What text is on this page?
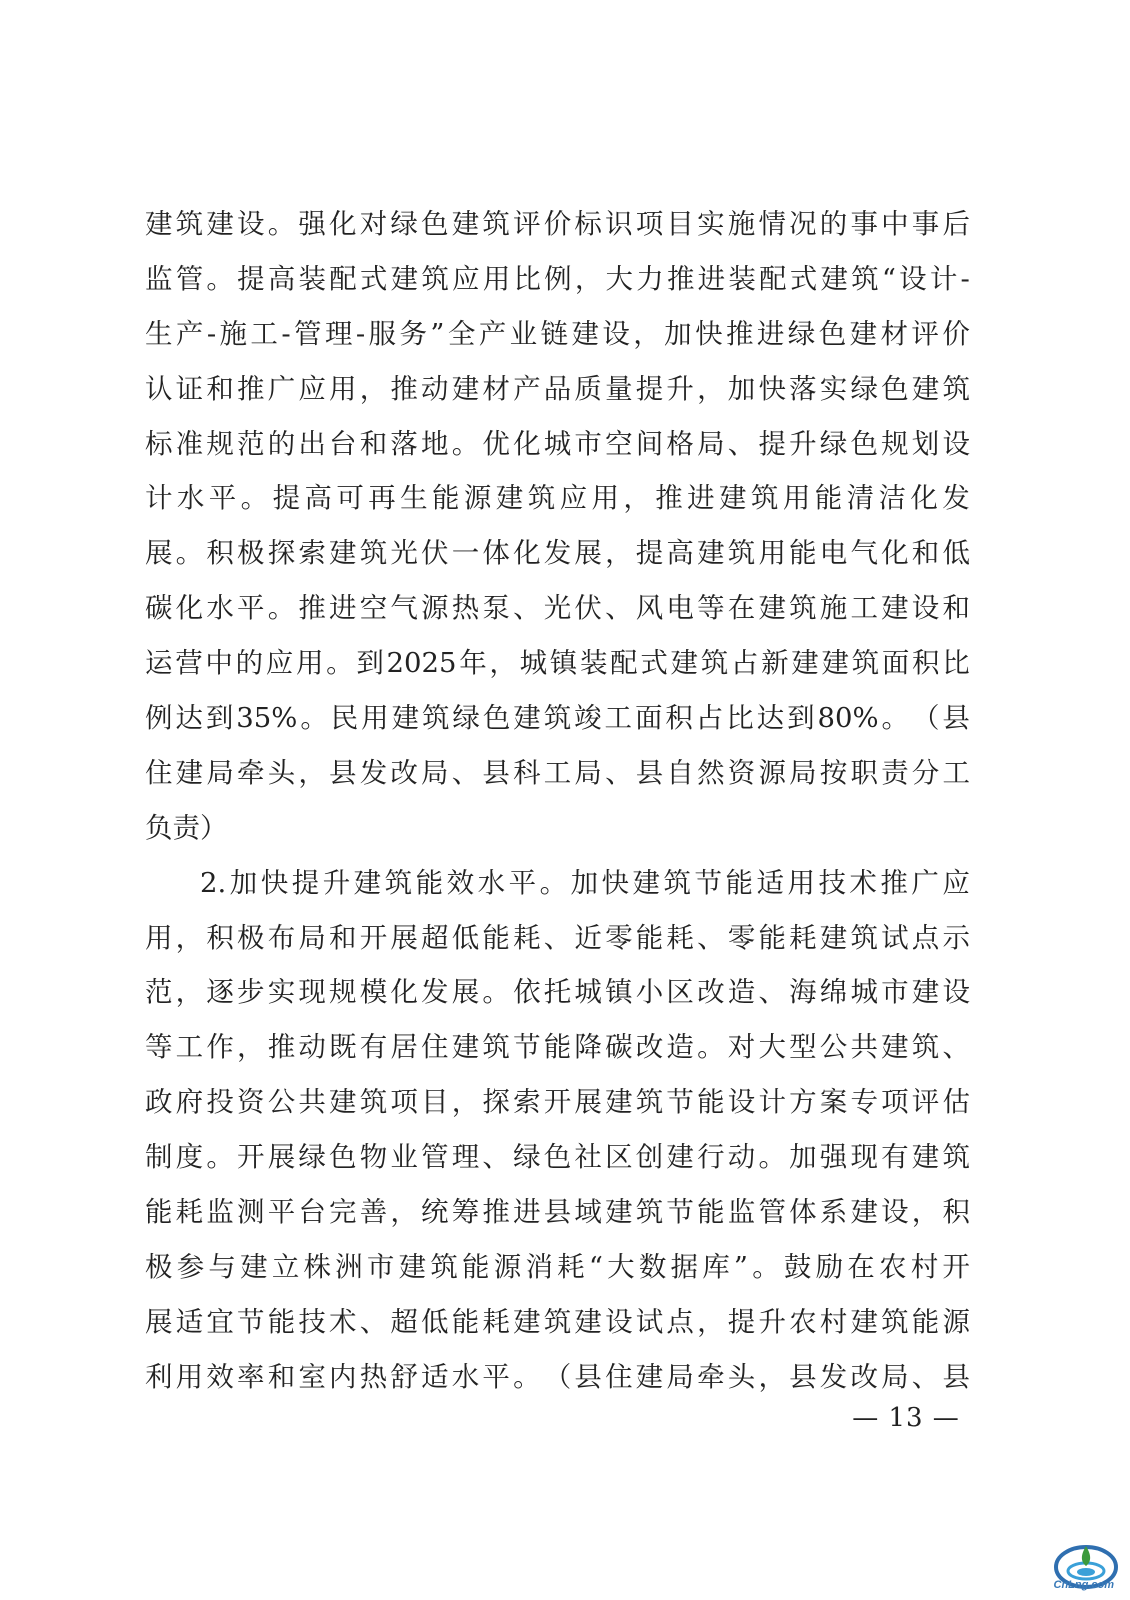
建 筑 建 设 。 强 化 对 绿 色 建 筑 评 价 标 识 项 目 实 施 情 况 的 事 中 事 后
监 管 。 提 高 装 配 式 建 筑 应 用 比 例 ， 大 力 推 进 装 配 式 建 筑 “ 设 计 -
生 产 - 施 工 - 管 理 - 服 务 ” 全 产 业 链 建 设 ， 加 快 推 进 绿 色 建 材 评 价
认 证 和 推 广 应 用 ， 推 动 建 材 产 品 质 量 提 升 ， 加 快 落 实 绿 色 建 筑
标 准 规 范 的 出 台 和 落 地 。 优 化 城 市 空 间 格 局 、 提 升 绿 色 规 划 设
计 水 平 。 提 高 可 再 生 能 源 建 筑 应 用 ， 推 进 建 筑 用 能 清 洁 化 发
展 。 积 极 探 索 建 筑 光 伏 一 体 化 发 展 ， 提 高 建 筑 用 能 电 气 化 和 低
碳 化 水 平 。 推 进 空 气 源 热 泵 、 光 伏 、 风 电 等 在 建 筑 施 工 建 设 和
运 营 中 的 应 用 。 到 2025 年 ， 城 镇 装 配 式 建 筑 占 新 建 建 筑 面 积 比
例 达 到 35% 。 民 用 建 筑 绿 色 建 筑 竣 工 面 积 占 比 达 到 80% 。 （ 县
住 建 局 牵 头 ， 县 发 改 局 、 县 科 工 局 、 县 自 然 资 源 局 按 职 责 分 工
负 责 ）
2. 加 快 提 升 建 筑 能 效 水 平 。 加 快 建 筑 节 能 适 用 技 术 推 广 应
用 ， 积 极 布 局 和 开 展 超 低 能 耗 、 近 零 能 耗 、 零 能 耗 建 筑 试 点 示
范 ， 逐 步 实 现 规 模 化 发 展 。 依 托 城 镇 小 区 改 造 、 海 绵 城 市 建 设
等 工 作 ， 推 动 既 有 居 住 建 筑 节 能 降 碳 改 造 。 对 大 型 公 共 建 筑 、
政 府 投 资 公 共 建 筑 项 目 ， 探 索 开 展 建 筑 节 能 设 计 方 案 专 项 评 估
制 度 。 开 展 绿 色 物 业 管 理 、 绿 色 社 区 创 建 行 动 。 加 强 现 有 建 筑
能 耗 监 测 平 台 完 善 ， 统 筹 推 进 县 域 建 筑 节 能 监 管 体 系 建 设 ， 积
极 参 与 建 立 株 洲 市 建 筑 能 源 消 耗 “ 大 数 据 库 ” 。 鼓 励 在 农 村 开
展 适 宜 节 能 技 术 、 超 低 能 耗 建 筑 建 设 试 点 ， 提 升 农 村 建 筑 能 源
利 用 效 率 和 室 内 热 舒 适 水 平 。 （ 县 住 建 局 牵 头 ， 县 发 改 局 、 县
— 13 —
CnLng.com
